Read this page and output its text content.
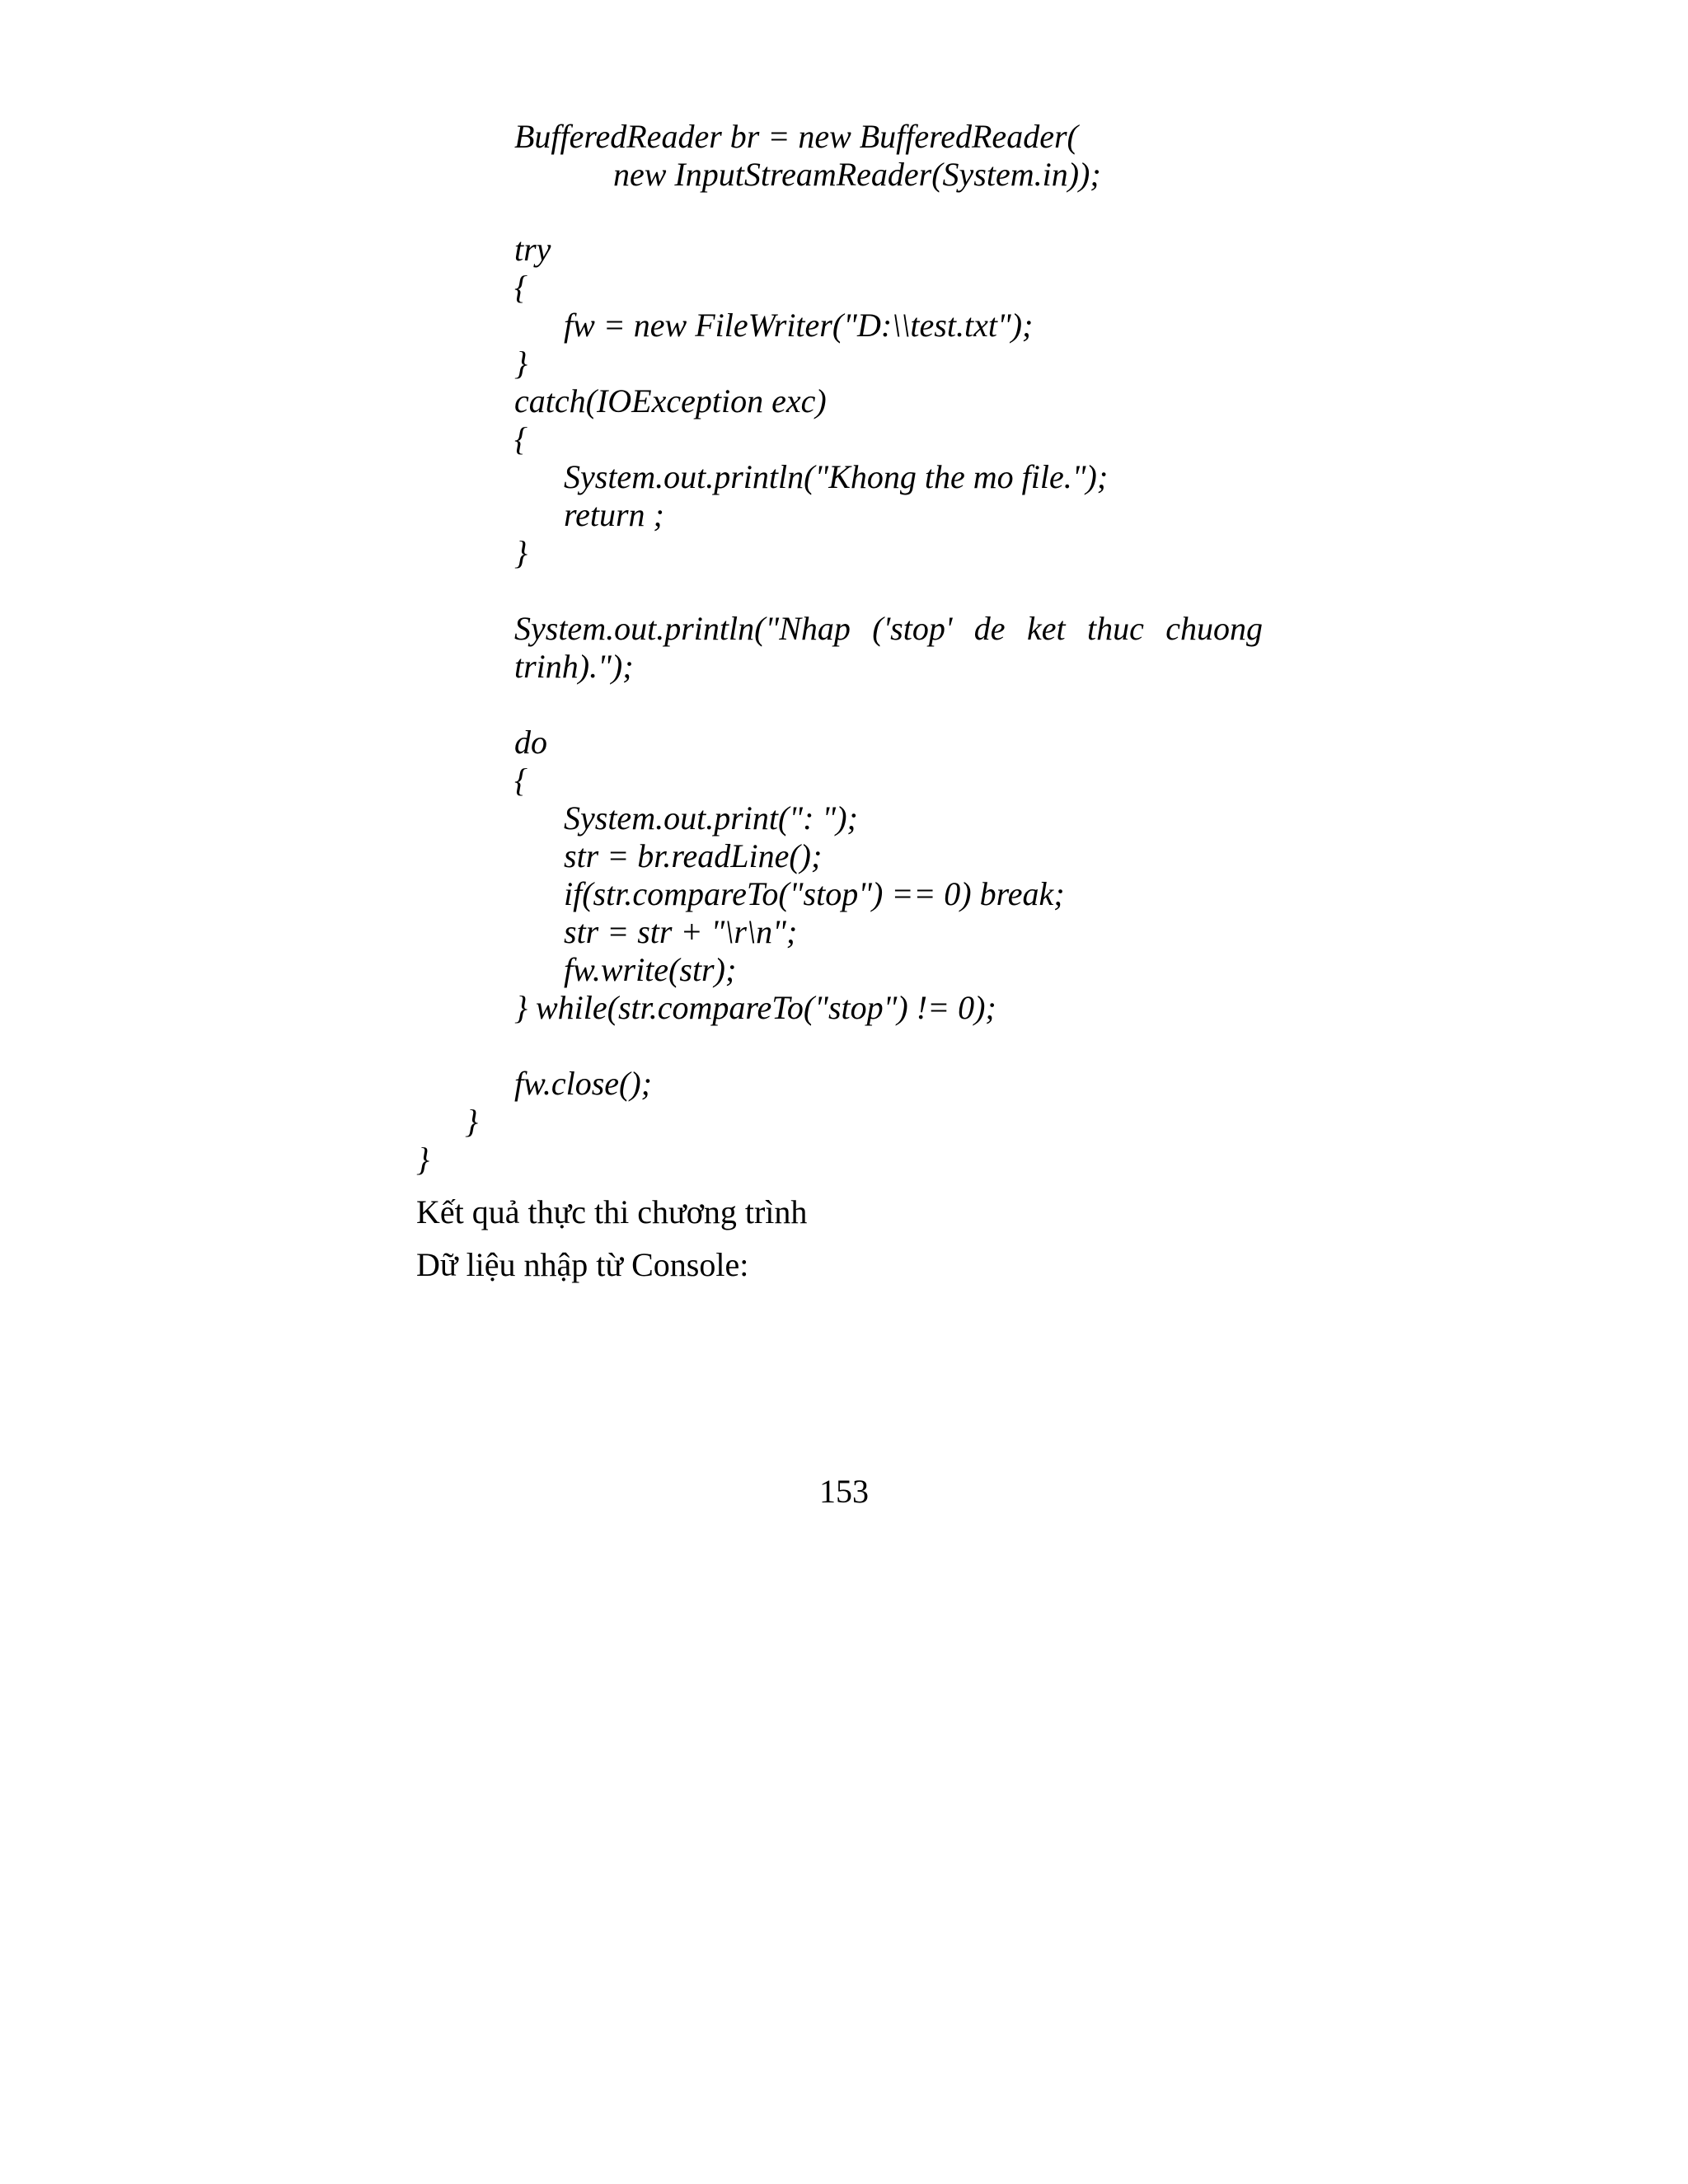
BufferedReader br = new BufferedReader(
new InputStreamReader(System.in));
try
{
fw = new FileWriter("D:\\test.txt");
}
catch(IOException exc)
{
System.out.println("Khong the mo file.");
return ;
}
System.out.println("Nhap ('stop' de ket thuc chuong
trinh).");
do
{
System.out.print(": ");
str = br.readLine();
if(str.compareTo("stop") == 0) break;
str = str + "\r\n";
fw.write(str);
} while(str.compareTo("stop") != 0);
fw.close();
}
}
Kết quả thực thi chương trình
Dữ liệu nhập từ Console:
153
